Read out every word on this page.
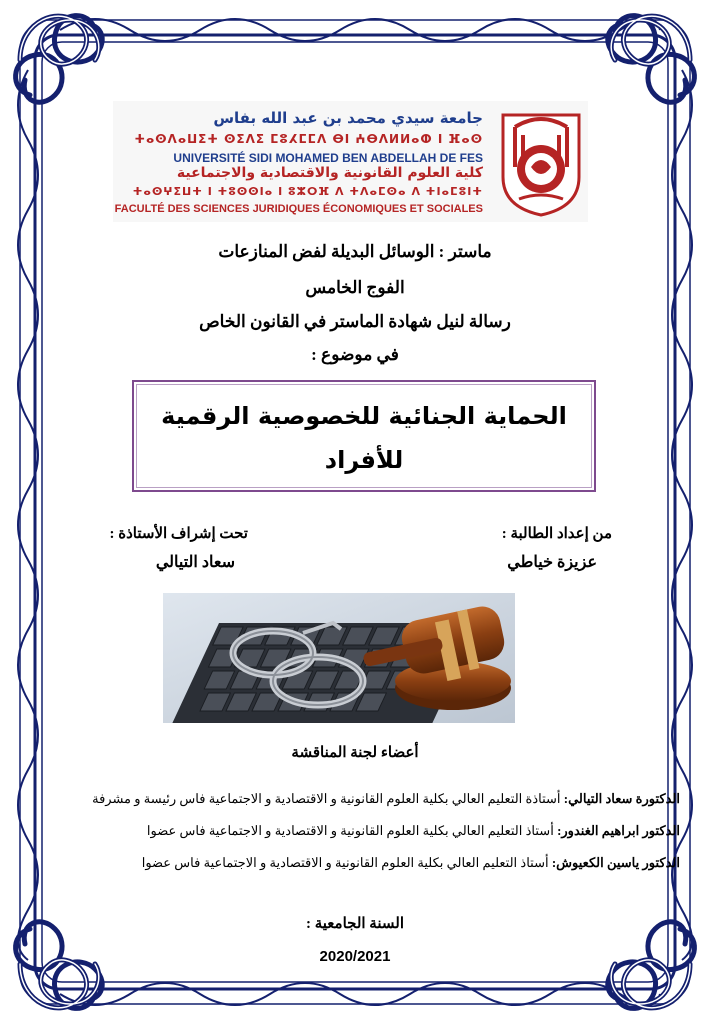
جامعة سيدي محمد بن عبد الله بفاس
ⵜⴰⵙⴷⴰⵡⵉⵜ ⵙⵉⴷⵉ ⵎⵓⵃⵎⵎⴷ ⴱⵏ ⵄⴱⴷⵍⵍⴰⵀ ⵏ ⴼⴰⵙ
UNIVERSITÉ SIDI MOHAMED BEN ABDELLAH DE FES
كلية العلوم القانونية والاقتصادية والاجتماعية
ⵜⴰⵙⵖⵉⵡⵜ ⵏ ⵜⵓⵙⵙⵏⴰ ⵏ ⵓⵣⵔⴼ ⴷ ⵜⴷⴰⵎⵙⴰ ⴷ ⵜⵏⴰⵎⵓⵏⵜ
FACULTÉ DES SCIENCES JURIDIQUES ÉCONOMIQUES ET SOCIALES
ماستر : الوسائل البديلة لفض المنازعات
الفوج الخامس
رسالة لنيل شهادة الماستر في القانون الخاص
في موضوع :
الحماية الجنائية للخصوصية الرقمية
للأفراد
من إعداد الطالبة :
عزيزة خياطي
تحت إشراف الأستاذة :
سعاد التيالي
أعضاء لجنة المناقشة
الدكتورة سعاد التيالي: أستاذة التعليم العالي بكلية العلوم القانونية و الاقتصادية و الاجتماعية فاس رئيسة و مشرفة
الدكتور ابراهيم الغندور: أستاذ التعليم العالي بكلية العلوم القانونية و الاقتصادية و الاجتماعية فاس عضوا
الدكتور ياسين الكعيوش: أستاذ التعليم العالي بكلية العلوم القانونية و الاقتصادية و الاجتماعية فاس عضوا
السنة الجامعية :
2020/2021
